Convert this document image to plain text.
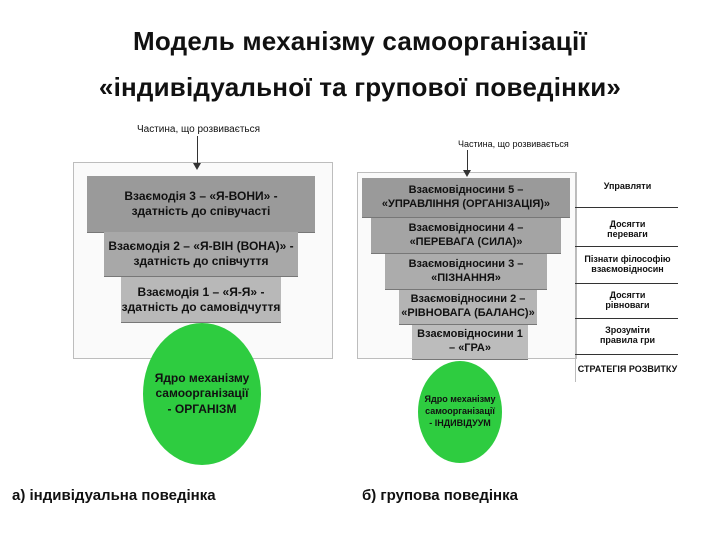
Модель механізму самоорганізації
«індивідуальної та групової поведінки»
Частина, що розвивається
Взаємодія 3 – «Я-ВОНИ» -
здатність до співучасті
Взаємодія 2 – «Я-ВІН (ВОНА)» -
здатність до співчуття
Взаємодія 1 – «Я-Я» -
здатність до самовідчуття
Ядро механізму
самоорганізації
- ОРГАНІЗМ
а) індивідуальна поведінка
Частина, що розвивається
Взаємовідносини 5 –
«УПРАВЛІННЯ (ОРГАНІЗАЦІЯ)»
Взаємовідносини 4 –
«ПЕРЕВАГА (СИЛА)»
Взаємовідносини 3 –
«ПІЗНАННЯ»
Взаємовідносини 2 –
«РІВНОВАГА (БАЛАНС)»
Взаємовідносини 1
– «ГРА»
Ядро механізму
самоорганізації
- ІНДИВІДУУМ
Управляти
Досягти
переваги
Пізнати філософію
взаємовідносин
Досягти
рівноваги
Зрозуміти
правила гри
СТРАТЕГІЯ РОЗВИТКУ
б) групова поведінка
